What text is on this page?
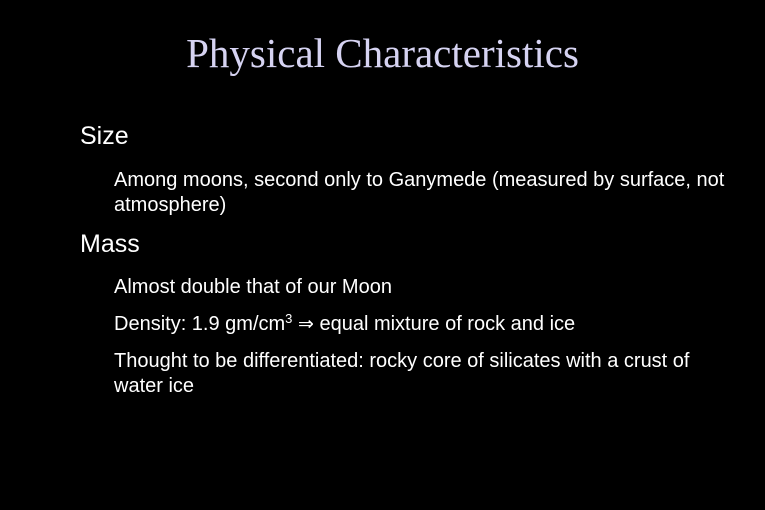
Physical Characteristics
Size
Among moons, second only to Ganymede (measured by surface, not atmosphere)
Mass
Almost double that of our Moon
Density: 1.9 $gm/cm^3$ ⇒ equal mixture of rock and ice
Thought to be differentiated: rocky core of silicates with a crust of water ice
